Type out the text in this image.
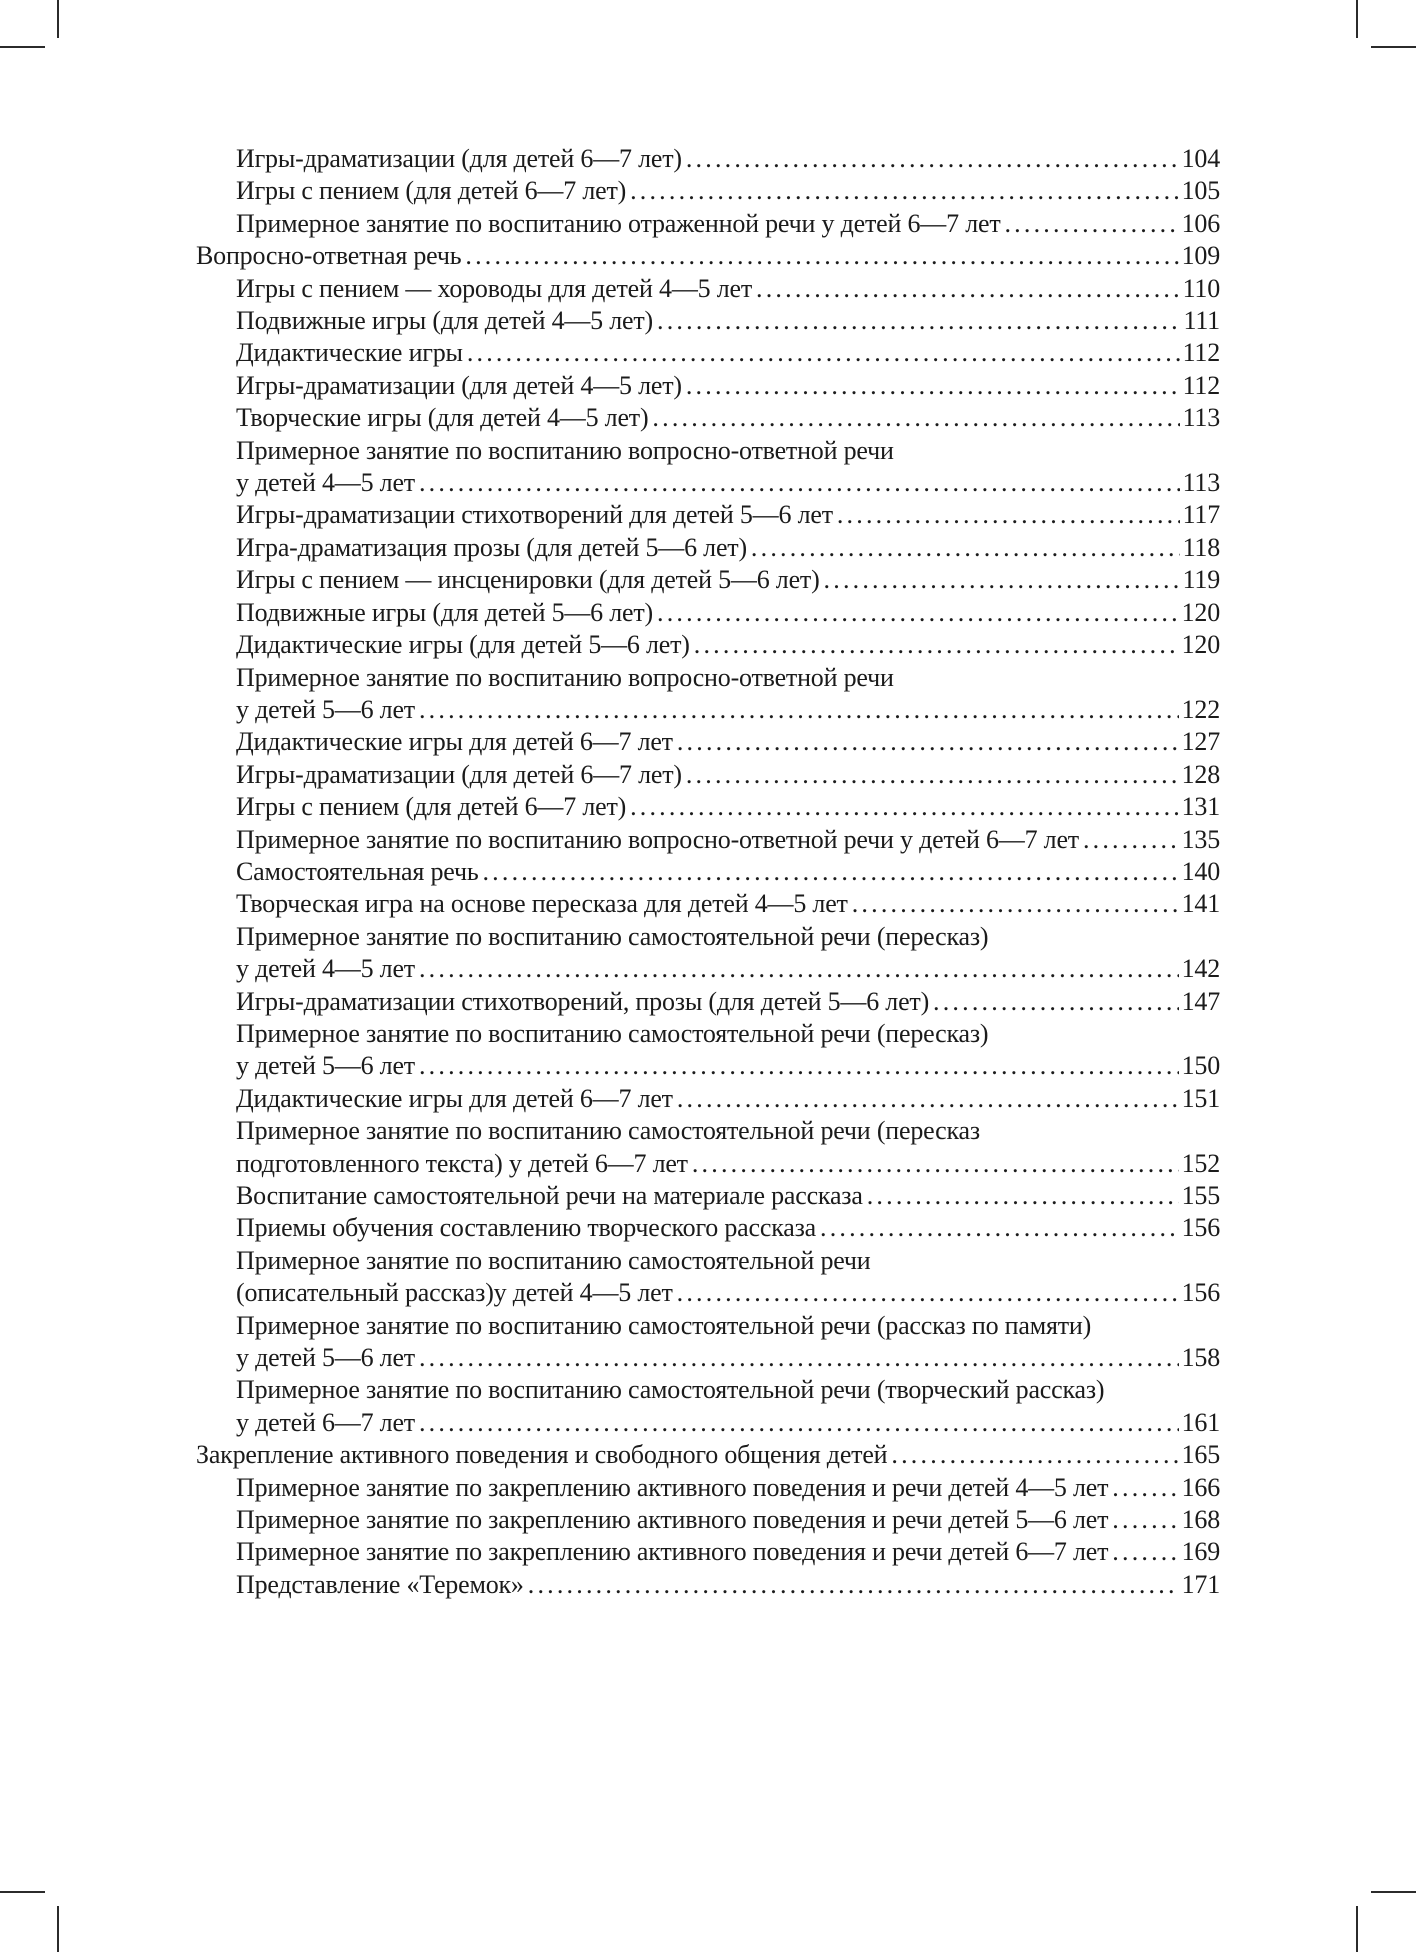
Игры-драматизации (для детей 6—7 лет) .....	104
Игры с пением (для детей 6—7 лет) .....	105
Примерное занятие по воспитанию отраженной речи у детей 6—7 лет .....	106
Вопросно-ответная речь .....	109
Игры с пением — хороводы для детей 4—5 лет .....	110
Подвижные игры (для детей 4—5 лет) .....	111
Дидактические игры .....	112
Игры-драматизации (для детей 4—5 лет) .....	112
Творческие игры (для детей 4—5 лет) .....	113
Примерное занятие по воспитанию вопросно-ответной речи
у детей 4—5 лет .....	113
Игры-драматизации стихотворений для детей 5—6 лет .....	117
Игра-драматизация прозы (для детей 5—6 лет) .....	118
Игры с пением — инсценировки (для детей 5—6 лет) .....	119
Подвижные игры (для детей 5—6 лет) .....	120
Дидактические игры (для детей 5—6 лет) .....	120
Примерное занятие по воспитанию вопросно-ответной речи
у детей 5—6 лет .....	122
Дидактические игры для детей 6—7 лет .....	127
Игры-драматизации (для детей 6—7 лет) .....	128
Игры с пением (для детей 6—7 лет) .....	131
Примерное занятие по воспитанию вопросно-ответной речи у детей 6—7 лет .....	135
Самостоятельная речь .....	140
Творческая игра на основе пересказа для детей 4—5 лет .....	141
Примерное занятие по воспитанию самостоятельной речи (пересказ)
у детей 4—5 лет .....	142
Игры-драматизации стихотворений, прозы (для детей 5—6 лет) .....	147
Примерное занятие по воспитанию самостоятельной речи (пересказ)
у детей 5—6 лет .....	150
Дидактические игры для детей 6—7 лет .....	151
Примерное занятие по воспитанию самостоятельной речи (пересказ
подготовленного текста) у детей 6—7 лет .....	152
Воспитание самостоятельной речи на материале рассказа .....	155
Приемы обучения составлению творческого рассказа .....	156
Примерное занятие по воспитанию самостоятельной речи
(описательный рассказ)у детей 4—5 лет .....	156
Примерное занятие по воспитанию самостоятельной речи (рассказ по памяти)
у детей 5—6 лет .....	158
Примерное занятие по воспитанию самостоятельной речи (творческий рассказ)
у детей 6—7 лет .....	161
Закрепление активного поведения и свободного общения детей .....	165
Примерное занятие по закреплению активного поведения и речи детей 4—5 лет .....	166
Примерное занятие по закреплению активного поведения и речи детей 5—6 лет .....	168
Примерное занятие по закреплению активного поведения и речи детей 6—7 лет .....	169
Представление «Теремок» .....	171
